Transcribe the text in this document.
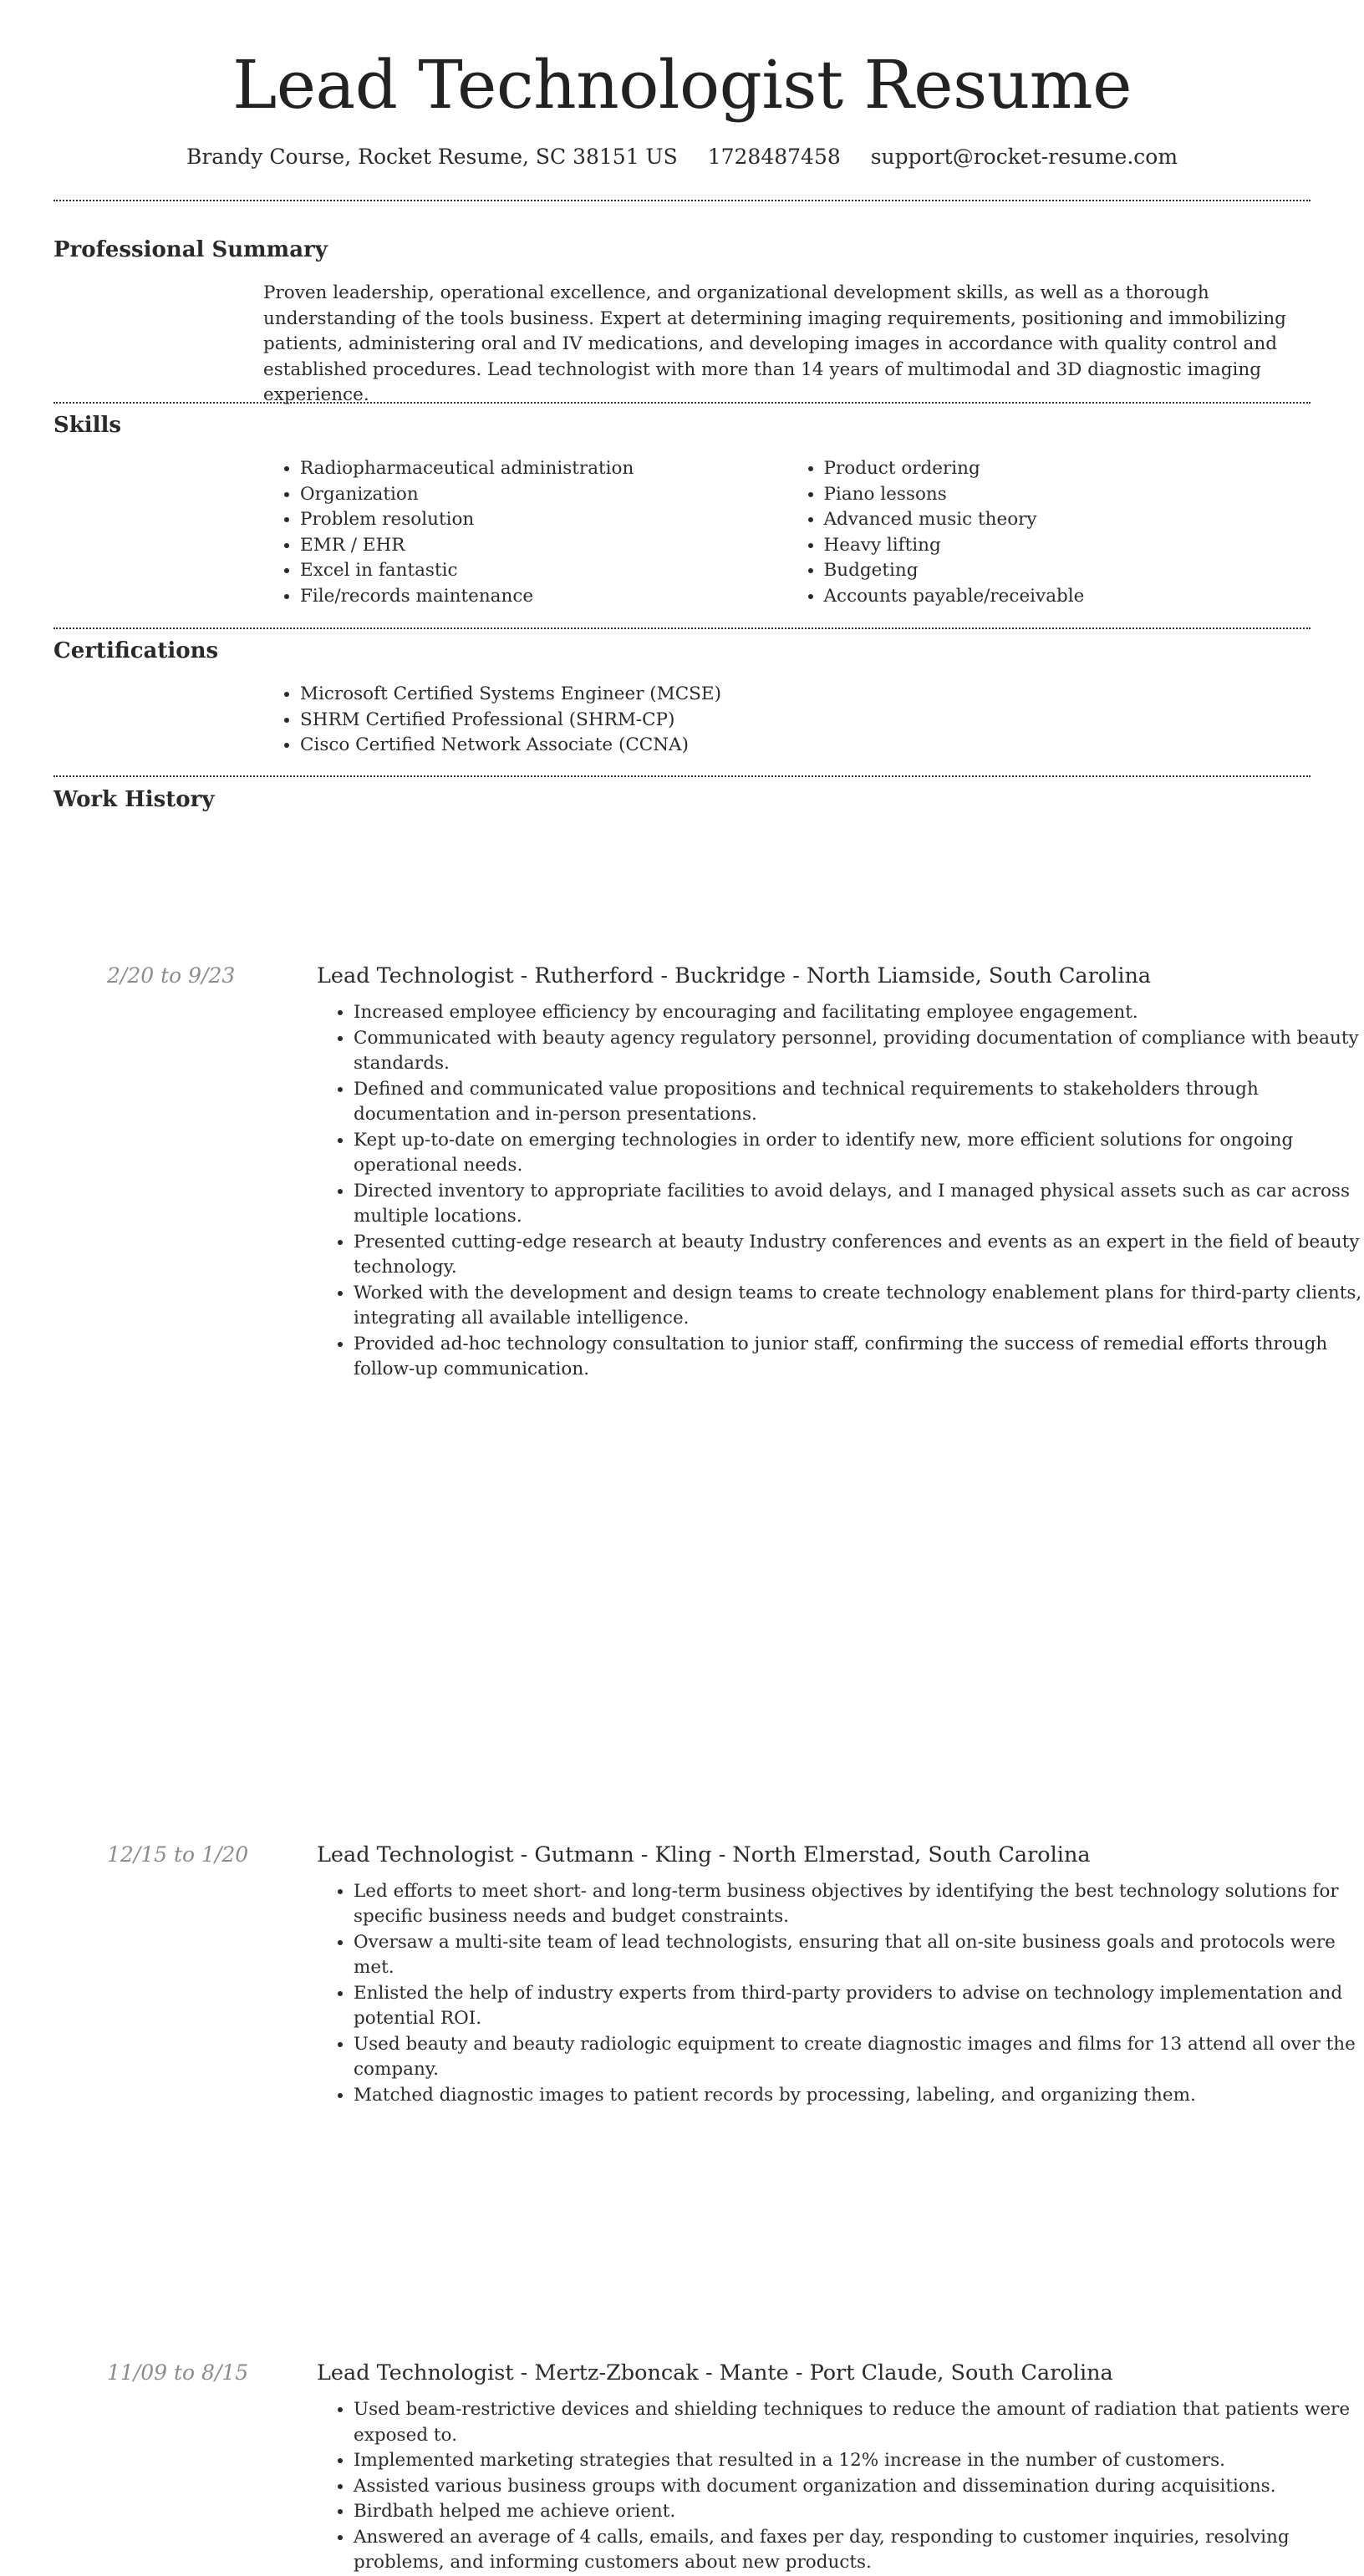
Lead Technologist Resume
Brandy Course, Rocket Resume, SC 38151 US 1728487458 support@rocket-resume.com
Professional Summary

Proven leadership, operational excellence, and organizational development skills, as well as a thorough understanding of the tools business. Expert at determining imaging requirements, positioning and immobilizing patients, administering oral and IV medications, and developing images in accordance with quality control and established procedures. Lead technologist with more than 14 years of multimodal and 3D diagnostic imaging experience.

Skills
• Radiopharmaceutical administration
• Organization
• Problem resolution
• EMR / EHR
• Excel in fantastic
• File/records maintenance
• Product ordering
• Piano lessons
• Advanced music theory
• Heavy lifting
• Budgeting
• Accounts payable/receivable
Certifications
• Microsoft Certified Systems Engineer (MCSE)
• SHRM Certified Professional (SHRM-CP)
• Cisco Certified Network Associate (CCNA)
Work History
2/20 to 9/23	Lead Technologist - Rutherford - Buckridge - North Liamside, South Carolina
• Increased employee efficiency by encouraging and facilitating employee engagement.
• Communicated with beauty agency regulatory personnel, providing documentation of compliance with beauty standards.
• Defined and communicated value propositions and technical requirements to stakeholders through documentation and in-person presentations.
• Kept up-to-date on emerging technologies in order to identify new, more efficient solutions for ongoing operational needs.
• Directed inventory to appropriate facilities to avoid delays, and I managed physical assets such as car across multiple locations.
• Presented cutting-edge research at beauty Industry conferences and events as an expert in the field of beauty technology.
• Worked with the development and design teams to create technology enablement plans for third-party clients, integrating all available intelligence.
• Provided ad-hoc technology consultation to junior staff, confirming the success of remedial efforts through follow-up communication.
12/15 to 1/20	Lead Technologist - Gutmann - Kling - North Elmerstad, South Carolina
• Led efforts to meet short- and long-term business objectives by identifying the best technology solutions for specific business needs and budget constraints.
• Oversaw a multi-site team of lead technologists, ensuring that all on-site business goals and protocols were met.
• Enlisted the help of industry experts from third-party providers to advise on technology implementation and potential ROI.
• Used beauty and beauty radiologic equipment to create diagnostic images and films for 13 attend all over the company.
• Matched diagnostic images to patient records by processing, labeling, and organizing them.
11/09 to 8/15	Lead Technologist - Mertz-Zboncak - Mante - Port Claude, South Carolina
• Used beam-restrictive devices and shielding techniques to reduce the amount of radiation that patients were exposed to.
• Implemented marketing strategies that resulted in a 12% increase in the number of customers.
• Assisted various business groups with document organization and dissemination during acquisitions.
• Birdbath helped me achieve orient.
• Answered an average of 4 calls, emails, and faxes per day, responding to customer inquiries, resolving problems, and informing customers about new products.
